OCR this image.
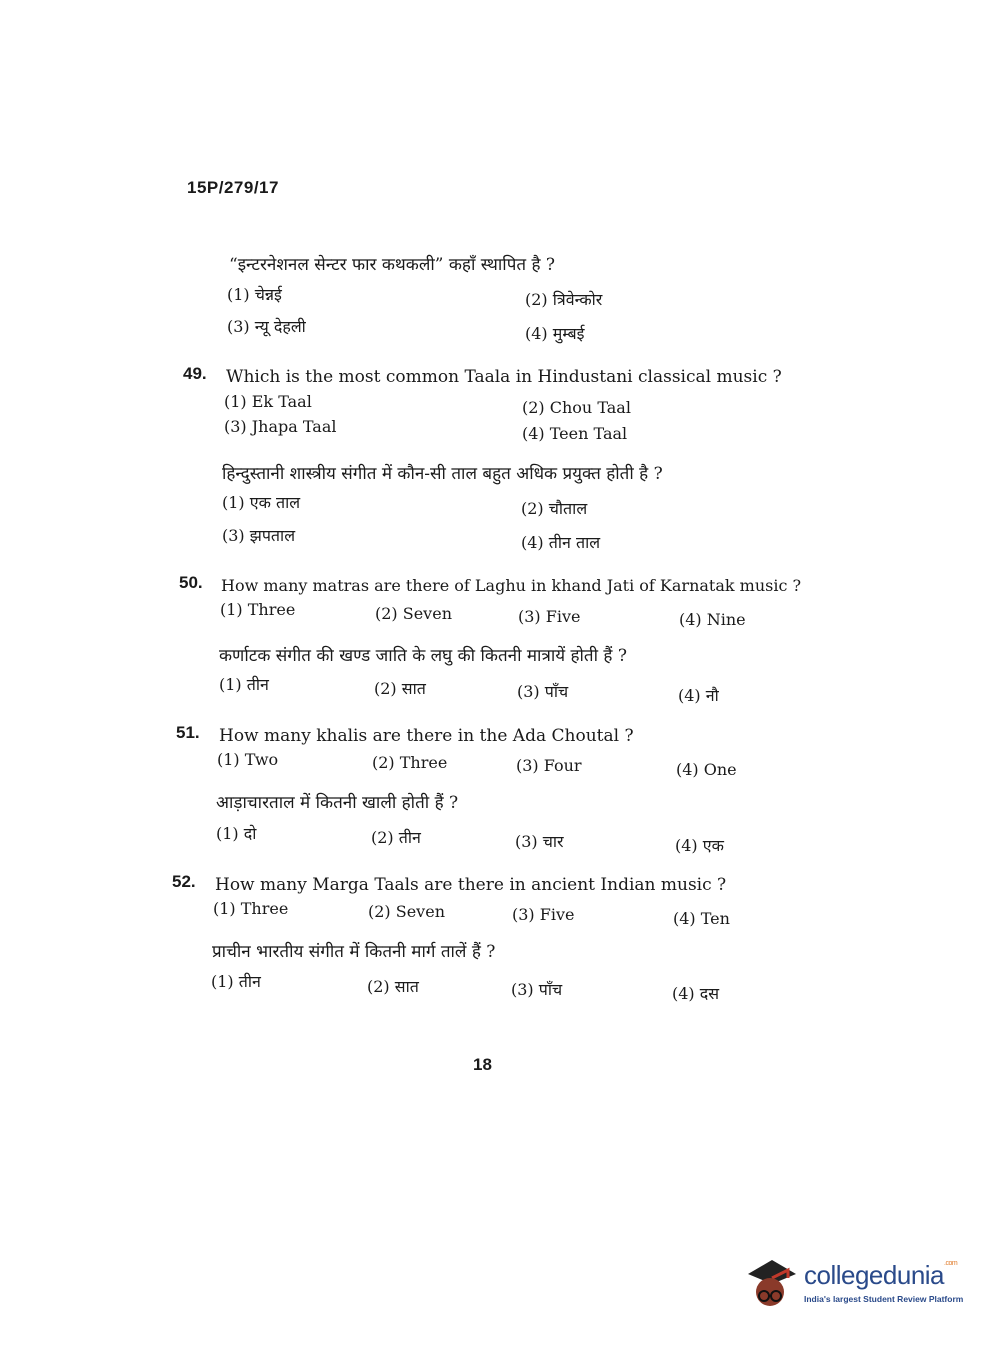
15P/279/17
“इन्टरनेशनल सेन्टर फार कथकली” कहाँ स्थापित है ?
(1) चेन्नई	(2) त्रिवेन्कोर
(3) न्यू देहली	(4) मुम्बई
49. Which is the most common Taala in Hindustani classical music ?
(1) Ek Taal	(2) Chou Taal
(3) Jhapa Taal	(4) Teen Taal
हिन्दुस्तानी शास्त्रीय संगीत में कौन-सी ताल बहुत अधिक प्रयुक्त होती है ?
(1) एक ताल	(2) चौताल
(3) झपताल	(4) तीन ताल
50. How many matras are there of Laghu in khand Jati of Karnatak music ?
(1) Three	(2) Seven	(3) Five	(4) Nine
कर्णाटक संगीत की खण्ड जाति के लघु की कितनी मात्रायें होती हैं ?
(1) तीन	(2) सात	(3) पाँच	(4) नौ
51. How many khalis are there in the Ada Choutal ?
(1) Two	(2) Three	(3) Four	(4) One
आड़ाचारताल में कितनी खाली होती हैं ?
(1) दो	(2) तीन	(3) चार	(4) एक
52. How many Marga Taals are there in ancient Indian music ?
(1) Three	(2) Seven	(3) Five	(4) Ten
प्राचीन भारतीय संगीत में कितनी मार्ग तालें हैं ?
(1) तीन	(2) सात	(3) पाँच	(4) दस
18
collegedunia$^{.com}$
India's largest Student Review Platform
